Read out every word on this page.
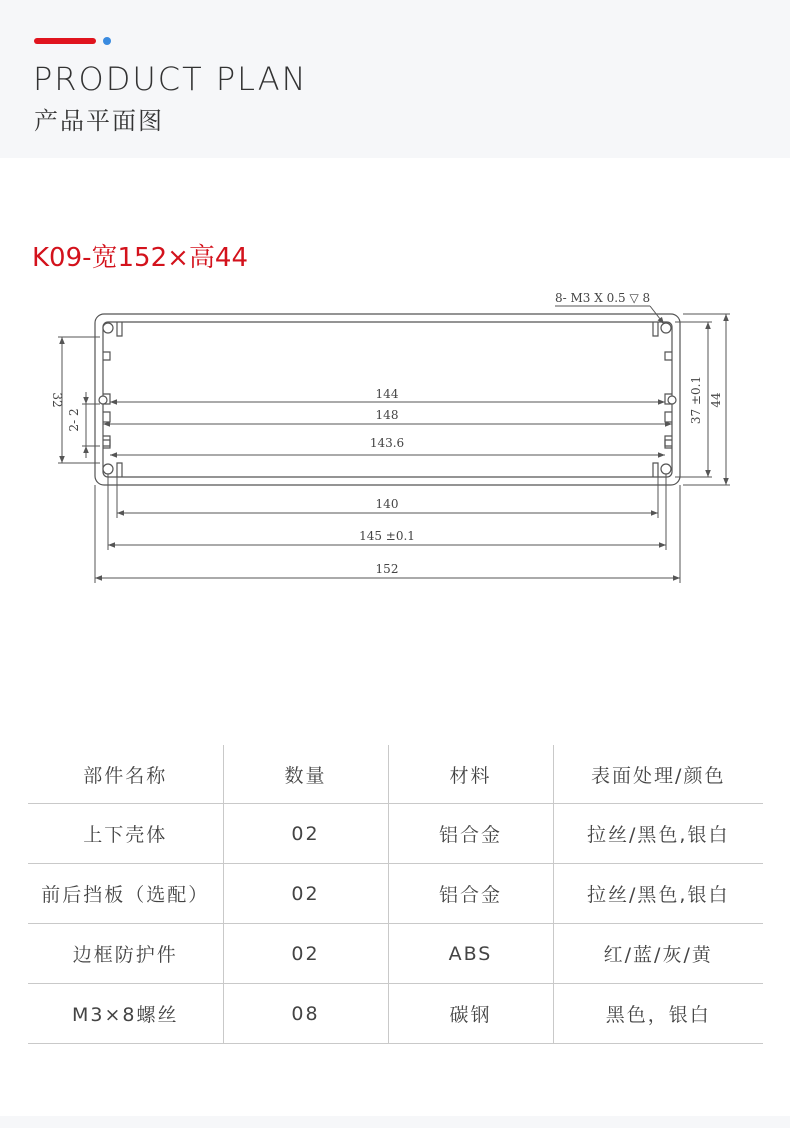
PRODUCT PLAN
产品平面图
K09-宽152×高44
8- M3 X 0.5 ▽ 8
144
148
143.6
140
145 ±0.1
152
32
2- 2	37 ±0.1 44
部件名称	数量	材料	表面处理/颜色
上下壳体	02	铝合金	拉丝/黑色,银白
前后挡板（选配）	02	铝合金	拉丝/黑色,银白
边框防护件	02	ABS	红/蓝/灰/黄
M3×8螺丝	08	碳钢	黑色，银白
